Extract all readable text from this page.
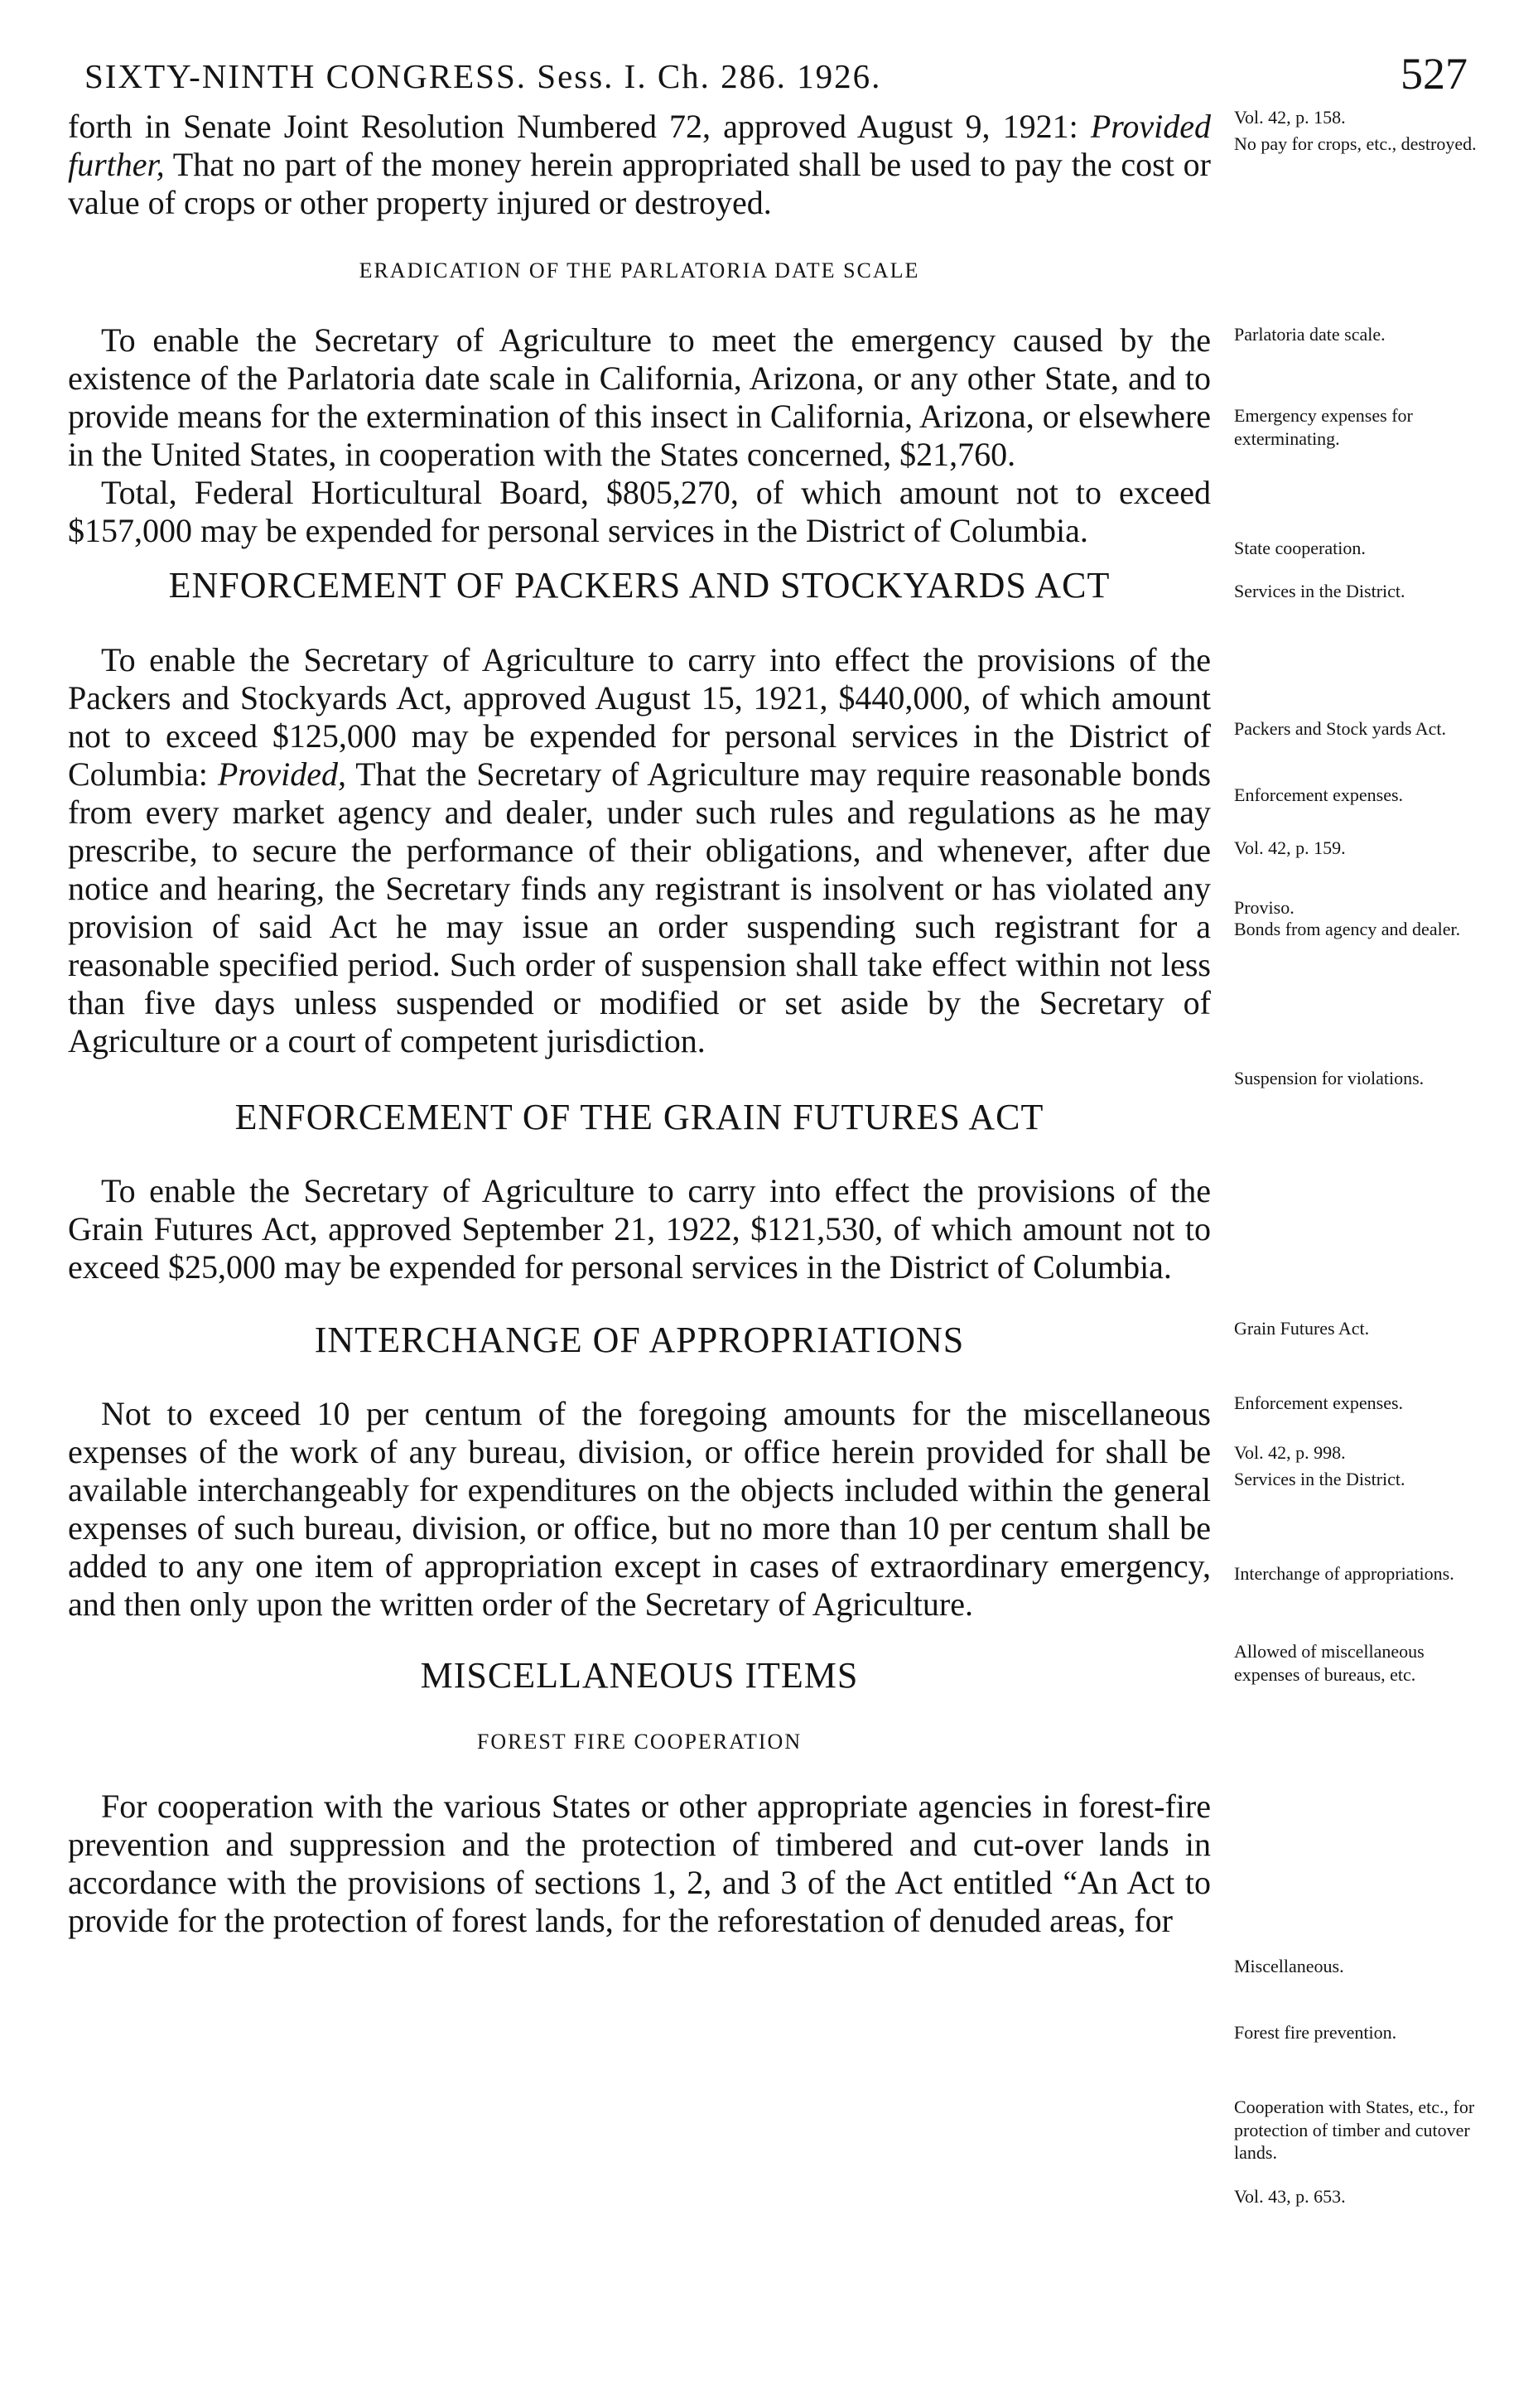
SIXTY-NINTH CONGRESS. Sess. I. Ch. 286. 1926.	527

forth in Senate Joint Resolution Numbered 72, approved August 9, 1921: Provided further, That no part of the money herein appropriated shall be used to pay the cost or value of crops or other property injured or destroyed.

ERADICATION OF THE PARLATORIA DATE SCALE

To enable the Secretary of Agriculture to meet the emergency caused by the existence of the Parlatoria date scale in California, Arizona, or any other State, and to provide means for the extermination of this insect in California, Arizona, or elsewhere in the United States, in cooperation with the States concerned, $21,760.

Total, Federal Horticultural Board, $805,270, of which amount not to exceed $157,000 may be expended for personal services in the District of Columbia.

ENFORCEMENT OF PACKERS AND STOCKYARDS ACT

To enable the Secretary of Agriculture to carry into effect the provisions of the Packers and Stockyards Act, approved August 15, 1921, $440,000, of which amount not to exceed $125,000 may be expended for personal services in the District of Columbia: Provided, That the Secretary of Agriculture may require reasonable bonds from every market agency and dealer, under such rules and regulations as he may prescribe, to secure the performance of their obligations, and whenever, after due notice and hearing, the Secretary finds any registrant is insolvent or has violated any provision of said Act he may issue an order suspending such registrant for a reasonable specified period. Such order of suspension shall take effect within not less than five days unless suspended or modified or set aside by the Secretary of Agriculture or a court of competent jurisdiction.

ENFORCEMENT OF THE GRAIN FUTURES ACT

To enable the Secretary of Agriculture to carry into effect the provisions of the Grain Futures Act, approved September 21, 1922, $121,530, of which amount not to exceed $25,000 may be expended for personal services in the District of Columbia.

INTERCHANGE OF APPROPRIATIONS

Not to exceed 10 per centum of the foregoing amounts for the miscellaneous expenses of the work of any bureau, division, or office herein provided for shall be available interchangeably for expenditures on the objects included within the general expenses of such bureau, division, or office, but no more than 10 per centum shall be added to any one item of appropriation except in cases of extraordinary emergency, and then only upon the written order of the Secretary of Agriculture.

MISCELLANEOUS ITEMS

FOREST FIRE COOPERATION

For cooperation with the various States or other appropriate agencies in forest-fire prevention and suppression and the protection of timbered and cut-over lands in accordance with the provisions of sections 1, 2, and 3 of the Act entitled “An Act to provide for the protection of forest lands, for the reforestation of denuded areas, for

Vol. 42, p. 158.
No pay for crops, etc., destroyed.
Parlatoria date scale.
Emergency expenses for exterminating.
State cooperation.
Services in the District.
Packers and Stock yards Act.
Enforcement expenses.
Vol. 42, p. 159.
Proviso.
Bonds from agency and dealer.
Suspension for violations.
Grain Futures Act.
Enforcement expenses.
Vol. 42, p. 998.
Services in the District.
Interchange of appropriations.
Allowed of miscellaneous expenses of bureaus, etc.
Miscellaneous.
Forest fire prevention.
Cooperation with States, etc., for protection of timber and cutover lands.
Vol. 43, p. 653.
